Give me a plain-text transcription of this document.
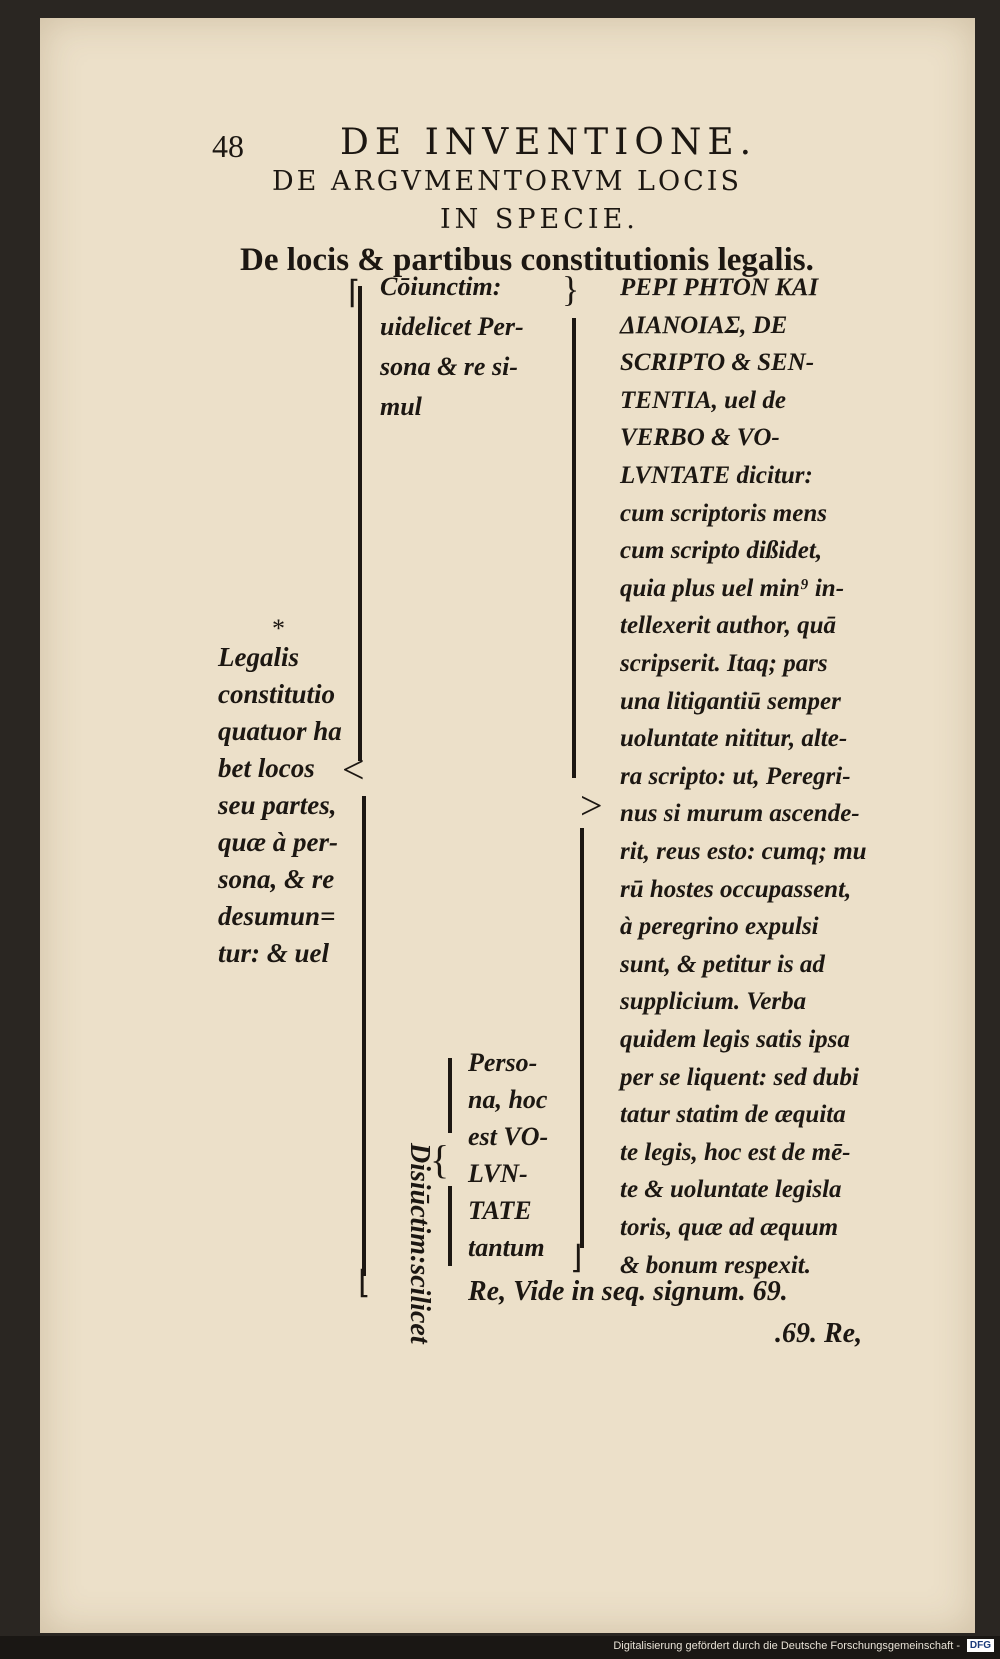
48	DE INVENTIONE.
DE ARGVMENTORVM LOCIS
IN SPECIE.
De locis & partibus constitutionis legalis.
*
Legalis
constitutio
quatuor ha
bet locos
seu partes,
quæ à per-
sona, & re
desumun=
tur: & uel
<
⌈
⌊
Cōiunctim:
uidelicet Per-
sona & re si-
mul
}
>
⌋
Disiūctim:scilicet
{
Perso-
na, hoc
est VO-
LVN-
TATE
tantum
Re, Vide in seq. signum. 69.
ΡΕΡΙ ΡΗΤΟΝ ΚΑΙ
ΔΙΑΝΟΙΑΣ, DE
SCRIPTO & SEN-
TENTIA, uel de
VERBO & VO-
LVNTATE dicitur:
cum scriptoris mens
cum scripto dißidet,
quia plus uel min⁹ in-
tellexerit author, quā
scripserit. Itaq; pars
una litigantiū semper
uoluntate nititur, alte-
ra scripto: ut, Peregri-
nus si murum ascende-
rit, reus esto: cumq; mu
rū hostes occupassent,
à peregrino expulsi
sunt, & petitur is ad
supplicium. Verba
quidem legis satis ipsa
per se liquent: sed dubi
tatur statim de æquita
te legis, hoc est de mē-
te & uoluntate legisla
toris, quæ ad æquum
& bonum respexit.
.69. Re,
Digitalisierung gefördert durch die Deutsche Forschungsgemeinschaft - DFG
